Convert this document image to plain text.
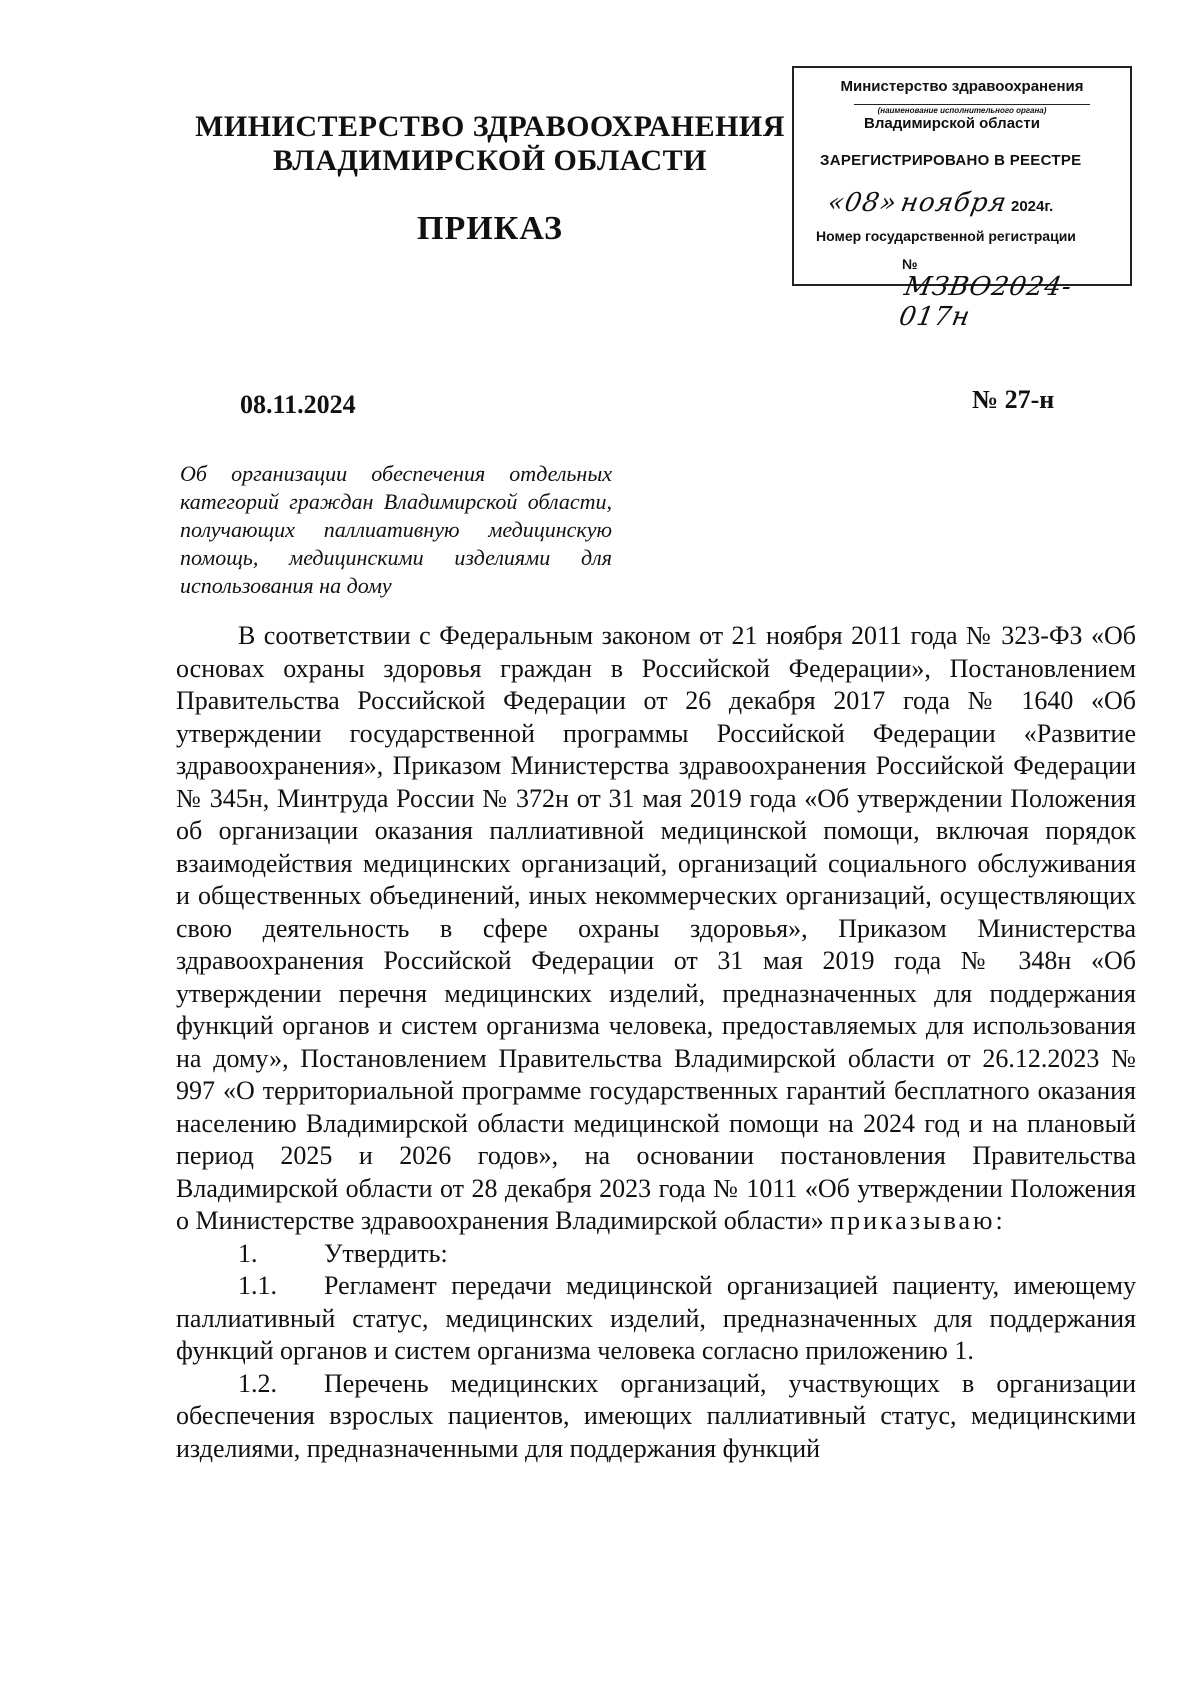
МИНИСТЕРСТВО ЗДРАВООХРАНЕНИЯ
ВЛАДИМИРСКОЙ ОБЛАСТИ
ПРИКАЗ
Министерство здравоохранения
(наименование исполнительного органа)
Владимирской области
ЗАРЕГИСТРИРОВАНО В РЕЕСТРЕ
«08» ноября 2024г.
Номер государственной регистрации
№ МЗВО2024-017н
08.11.2024	№ 27-н
Об организации обеспечения отдельных категорий граждан Владимирской области, получающих паллиативную медицинскую помощь, медицинскими изделиями для использования на дому

В соответствии с Федеральным законом от 21 ноября 2011 года № 323-ФЗ «Об основах охраны здоровья граждан в Российской Федерации», Постановлением Правительства Российской Федерации от 26 декабря 2017 года № 1640 «Об утверждении государственной программы Российской Федерации «Развитие здравоохранения», Приказом Министерства здравоохранения Российской Федерации № 345н, Минтруда России № 372н от 31 мая 2019 года «Об утверждении Положения об организации оказания паллиативной медицинской помощи, включая порядок взаимодействия медицинских организаций, организаций социального обслуживания и общественных объединений, иных некоммерческих организаций, осуществляющих свою деятельность в сфере охраны здоровья», Приказом Министерства здравоохранения Российской Федерации от 31 мая 2019 года № 348н «Об утверждении перечня медицинских изделий, предназначенных для поддержания функций органов и систем организма человека, предоставляемых для использования на дому», Постановлением Правительства Владимирской области от 26.12.2023 № 997 «О территориальной программе государственных гарантий бесплатного оказания населению Владимирской области медицинской помощи на 2024 год и на плановый период 2025 и 2026 годов», на основании постановления Правительства Владимирской области от 28 декабря 2023 года № 1011 «Об утверждении Положения о Министерстве здравоохранения Владимирской области» приказываю:

1.	Утвердить:

1.1. Регламент передачи медицинской организацией пациенту, имеющему паллиативный статус, медицинских изделий, предназначенных для поддержания функций органов и систем организма человека согласно приложению 1.

1.2. Перечень медицинских организаций, участвующих в организации обеспечения взрослых пациентов, имеющих паллиативный статус, медицинскими изделиями, предназначенными для поддержания функций
